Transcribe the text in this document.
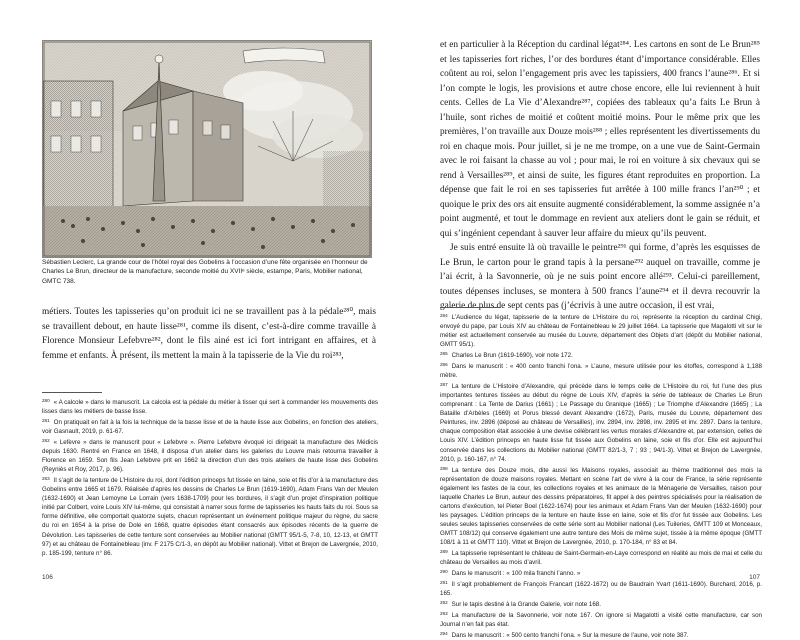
Sébastien Leclerc, La grande cour de l’hôtel royal des Gobelins à l’occasion d’une fête organisée en l’honneur de Charles Le Brun, directeur de la manufacture, seconde moitié du XVIIᵉ siècle, estampe, Paris, Mobilier national, GMTC 738.

métiers. Toutes les tapisseries qu’on produit ici ne se travaillent pas à la pédale²⁸⁰, mais se travaillent debout, en haute lisse²⁸¹, comme ils disent, c’est-à-dire comme travaille à Florence Monsieur Lefebvre²⁸², dont le fils ainé est ici fort intrigant en affaires, et à femme et enfants. À présent, ils mettent la main à la tapisserie de la Vie du roi²⁸³,

$^{280}$ « A calcole » dans le manuscrit. La calcola est la pédale du métier à tisser qui sert à commander les mouvements des lisses dans les métiers de basse lisse.
$^{281}$ On pratiquait en fait à la fois la technique de la basse lisse et de la haute lisse aux Gobelins, en fonction des ateliers, voir Gasnault, 2019, p. 61-67.
$^{282}$ « Lefèvre » dans le manuscrit pour « Lefebvre ». Pierre Lefebvre évoqué ici dirigeait la manufacture des Médicis depuis 1630. Rentré en France en 1648, il disposa d’un atelier dans les galeries du Louvre mais retourna travailler à Florence en 1659. Son fils Jean Lefebvre prit en 1662 la direction d’un des trois ateliers de haute lisse des Gobelins (Reyniès et Roy, 2017, p. 96).
$^{283}$ Il s’agit de la tenture de L’Histoire du roi, dont l’édition princeps fut tissée en laine, soie et fils d’or à la manufacture des Gobelins entre 1665 et 1679. Réalisée d’après les dessins de Charles Le Brun (1619-1690), Adam Frans Van der Meulen (1632-1690) et Jean Lemoyne Le Lorrain (vers 1638-1709) pour les bordures, il s’agit d’un projet d’inspiration politique initié par Colbert, voire Louis XIV lui-même, qui consistait à narrer sous forme de tapisseries les hauts faits du roi. Sous sa forme définitive, elle comportait quatorze sujets, chacun représentant un événement politique majeur du règne, du sacre du roi en 1654 à la prise de Dole en 1668, quatre épisodes étant consacrés aux épisodes récents de la guerre de Dévolution. Les tapisseries de cette tenture sont conservées au Mobilier national (GMTT 95/1-5, 7-8, 10, 12-13, et GMTT 97) et au château de Fontainebleau (inv. F 2175 C/1-3, en dépôt au Mobilier national). Vittet et Brejon de Lavergnée, 2010, p. 185-199, tenture n° 86.
106

et en particulier à la Réception du cardinal légat²⁸⁴. Les cartons en sont de Le Brun²⁸⁵ et les tapisseries fort riches, l’or des bordures étant d’importance considérable. Elles coûtent au roi, selon l’engagement pris avec les tapissiers, 400 francs l’aune²⁸⁶. Et si l’on compte le logis, les provisions et autre chose encore, elle lui reviennent à huit cents. Celles de La Vie d’Alexandre²⁸⁷, copiées des tableaux qu’a faits Le Brun à l’huile, sont riches de moitié et coûtent moitié moins. Pour le même prix que les premières, l’on travaille aux Douze mois²⁸⁸ ; elles représentent les divertissements du roi en chaque mois. Pour juillet, si je ne me trompe, on a une vue de Saint-Germain avec le roi faisant la chasse au vol ; pour mai, le roi en voiture à six chevaux qui se rend à Versailles²⁸⁹, et ainsi de suite, les figures étant reproduites en proportion. La dépense que fait le roi en ses tapisseries fut arrêtée à 100 mille francs l’an²⁹⁰ ; et quoique le prix des ors ait ensuite augmenté considérablement, la somme assignée n’a point augmenté, et tout le dommage en revient aux ateliers dont le gain se réduit, et qui s’ingénient cependant à sauver leur affaire du mieux qu’ils peuvent.

Je suis entré ensuite là où travaille le peintre²⁹¹ qui forme, d’après les esquisses de Le Brun, le carton pour le grand tapis à la persane²⁹² auquel on travaille, comme je l’ai écrit, à la Savonnerie, où je ne suis point encore allé²⁹³. Celui-ci pareillement, toutes dépenses incluses, se montera à 500 francs l’aune²⁹⁴ et il devra recouvrir la galerie de plus de sept cents pas (j’écrivis à une autre occasion, il est vrai,

$^{284}$ L’Audience du légat, tapisserie de la tenture de L’Histoire du roi, représente la réception du cardinal Chigi, envoyé du pape, par Louis XIV au château de Fontainebleau le 29 juillet 1664. La tapisserie que Magalotti vit sur le métier est actuellement conservée au musée du Louvre, département des Objets d’art (dépôt du Mobilier national, GMTT 95/1).
$^{285}$ Charles Le Brun (1619-1690), voir note 172.
$^{286}$ Dans le manuscrit : « 400 cento franchi l’ona. » L’aune, mesure utilisée pour les étoffes, correspond à 1,188 mètre.
$^{287}$ La tenture de L’Histoire d’Alexandre, qui précède dans le temps celle de L’Histoire du roi, fut l’une des plus importantes tentures tissées au début du règne de Louis XIV, d’après la série de tableaux de Charles Le Brun comprenant : La Tente de Darius (1661) ; Le Passage du Granique (1665) ; Le Triomphe d’Alexandre (1665) ; La Bataille d’Arbèles (1669) et Porus blessé devant Alexandre (1672), Paris, musée du Louvre, département des Peintures, inv. 2896 (déposé au château de Versailles), inv. 2894, inv. 2898, inv. 2895 et inv. 2897. Dans la tenture, chaque composition était associée à une devise célébrant les vertus morales d’Alexandre et, par extension, celles de Louis XIV. L’édition princeps en haute lisse fut tissée aux Gobelins en laine, soie et fils d’or. Elle est aujourd’hui conservée dans les collections du Mobilier national (GMTT 82/1-3, 7 ; 93 ; 94/1-3). Vittet et Brejon de Lavergnée, 2010, p. 160-167, n° 74.
$^{288}$ La tenture des Douze mois, dite aussi les Maisons royales, associait au thème traditionnel des mois la représentation de douze maisons royales. Mettant en scène l’art de vivre à la cour de France, la série représente également les fastes de la cour, les collections royales et les animaux de la Ménagerie de Versailles, raison pour laquelle Charles Le Brun, auteur des dessins préparatoires, fit appel à des peintres spécialisés pour la réalisation de cartons d’exécution, tel Pieter Boel (1622-1674) pour les animaux et Adam Frans Van der Meulen (1632-1690) pour les paysages. L’édition princeps de la tenture en haute lisse en laine, soie et fils d’or fut tissée aux Gobelins. Les seules seules tapisseries conservées de cette série sont au Mobilier national (Les Tuileries, GMTT 109 et Monceaux, GMTT 108/12) qui conserve également une autre tenture des Mois de même sujet, tissée à la même époque (GMTT 108/1 à 11 et GMTT 110). Vittet et Brejon de Lavergnée, 2010, p. 170-184, n° 83 et 84.
$^{289}$ La tapisserie représentant le château de Saint-Germain-en-Laye correspond en réalité au mois de mai et celle du château de Versailles au mois d’avril.
$^{290}$ Dans le manuscrit : « 100 mila franchi l’anno. »
$^{291}$ Il s’agit probablement de François Francart (1622-1672) ou de Baudrain Yvart (1611-1690). Burchard, 2016, p. 165.
$^{292}$ Sur le tapis destiné à la Grande Galerie, voir note 168.
$^{293}$ La manufacture de la Savonnerie, voir note 167. On ignore si Magalotti a visité cette manufacture, car son Journal n’en fait pas état.
$^{294}$ Dans le manuscrit : « 500 cento franchi l’ona. » Sur la mesure de l’aune, voir note 387.
107
